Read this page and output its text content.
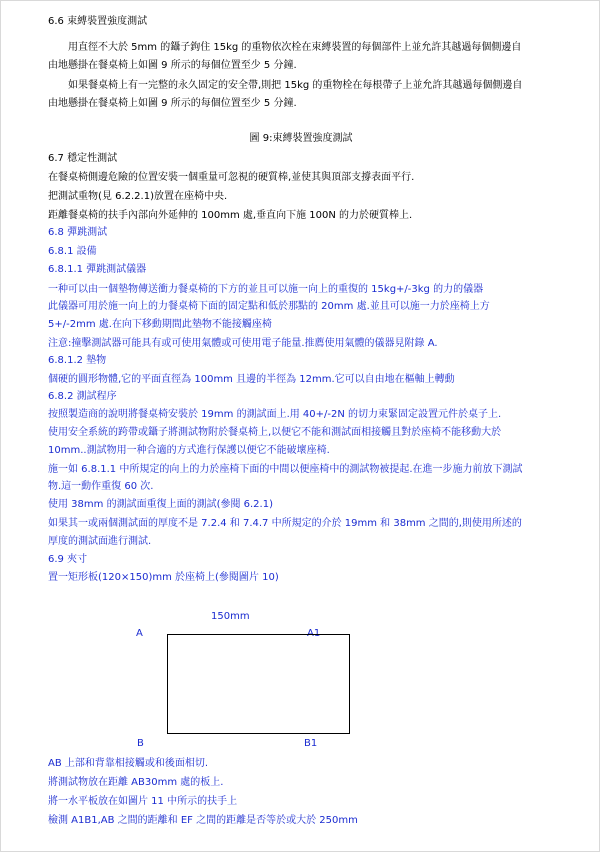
6.6 束縛裝置強度測試
用直徑不大於 5mm 的鑷子鉤住 15kg 的重物依次栓在束縛裝置的每個部件上並允許其越過每個側邊自
由地懸掛在餐桌椅上如圖 9 所示的每個位置至少 5 分鐘.
如果餐桌椅上有一完整的永久固定的安全帶,則把 15kg 的重物栓在每根帶子上並允許其越過每個側邊自
由地懸掛在餐桌椅上如圖 9 所示的每個位置至少 5 分鐘.
圖 9:束縛裝置強度測試
6.7 穩定性測試
在餐桌椅側邊危險的位置安裝一個重量可忽視的硬質棒,並使其與頂部支撐表面平行.
把測試重物(見 6.2.2.1)放置在座椅中央.
距離餐桌椅的扶手內部向外延伸的 100mm 處,垂直向下施 100N 的力於硬質棒上.
6.8 彈跳測試
6.8.1 設備
6.8.1.1 彈跳測試儀器
一种可以由一個墊物傳送衝力餐桌椅的下方的並且可以施一向上的重復的 15kg+/-3kg 的力的儀器
此儀器可用於施一向上的力餐桌椅下面的固定點和低於那點的 20mm 處.並且可以施一力於座椅上方
5+/-2mm 處.在向下移動期間此墊物不能接觸座椅
注意:撞擊測試器可能具有或可使用氣體或可使用電子能量.推薦使用氣體的儀器見附錄 A.
6.8.1.2 墊物
個硬的圓形物體,它的平面直徑為 100mm 且邊的半徑為 12mm.它可以自由地在樞軸上轉動
6.8.2 測試程序
按照製造商的說明將餐桌椅安裝於 19mm 的測試面上.用 40+/-2N 的切力束緊固定設置元件於桌子上.
使用安全系統的跨帶或鑷子將測試物附於餐桌椅上,以便它不能和測試面相接觸且對於座椅不能移動大於
10mm..測試物用一种合適的方式進行保護以便它不能破壞座椅.
施一如 6.8.1.1 中所規定的向上的力於座椅下面的中間以便座椅中的測試物被提起.在進一步施力前放下測試
物.這一動作重復 60 次.
使用 38mm 的測試面重復上面的測試(參閱 6.2.1)
如果其一或兩個測試面的厚度不是 7.2.4 和 7.4.7 中所規定的介於 19mm 和 38mm 之間的,則使用所述的
厚度的測試面進行測試.
6.9 夾寸
置一矩形板(120×150)mm 於座椅上(參閱圖片 10)
150mm
A	A1
B	B1
AB 上部和背靠相接觸或和後面相切.
將測試物放在距離 AB30mm 處的板上.
將一水平板放在如圖片 11 中所示的扶手上
檢測 A1B1,AB 之間的距離和 EF 之間的距離是否等於或大於 250mm
